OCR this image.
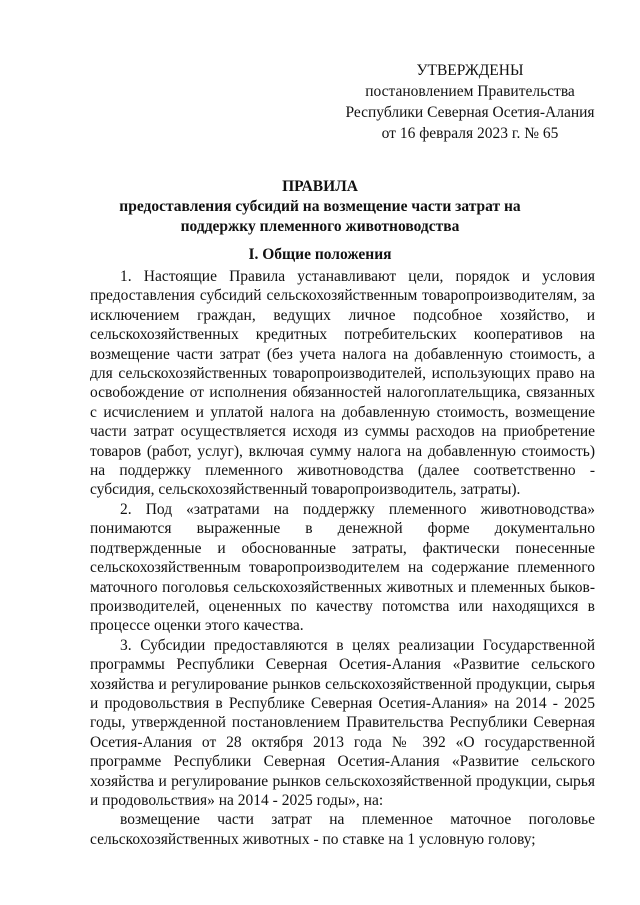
УТВЕРЖДЕНЫ
постановлением Правительства
Республики Северная Осетия-Алания
от 16 февраля 2023 г. № 65
ПРАВИЛА
предоставления субсидий на возмещение части затрат на поддержку племенного животноводства
I. Общие положения

1. Настоящие Правила устанавливают цели, порядок и условия предоставления субсидий сельскохозяйственным товаропроизводителям, за исключением граждан, ведущих личное подсобное хозяйство, и сельскохозяйственных кредитных потребительских кооперативов на возмещение части затрат (без учета налога на добавленную стоимость, а для сельскохозяйственных товаропроизводителей, использующих право на освобождение от исполнения обязанностей налогоплательщика, связанных с исчислением и уплатой налога на добавленную стоимость, возмещение части затрат осуществляется исходя из суммы расходов на приобретение товаров (работ, услуг), включая сумму налога на добавленную стоимость) на поддержку племенного животноводства (далее соответственно - субсидия, сельскохозяйственный товаропроизводитель, затраты).

2. Под «затратами на поддержку племенного животноводства» понимаются выраженные в денежной форме документально подтвержденные и обоснованные затраты, фактически понесенные сельскохозяйственным товаропроизводителем на содержание племенного маточного поголовья сельскохозяйственных животных и племенных быков-производителей, оцененных по качеству потомства или находящихся в процессе оценки этого качества.

3. Субсидии предоставляются в целях реализации Государственной программы Республики Северная Осетия-Алания «Развитие сельского хозяйства и регулирование рынков сельскохозяйственной продукции, сырья и продовольствия в Республике Северная Осетия-Алания» на 2014 - 2025 годы, утвержденной постановлением Правительства Республики Северная Осетия-Алания от 28 октября 2013 года № 392 «О государственной программе Республики Северная Осетия-Алания «Развитие сельского хозяйства и регулирование рынков сельскохозяйственной продукции, сырья и продовольствия» на 2014 - 2025 годы», на:

возмещение части затрат на племенное маточное поголовье сельскохозяйственных животных - по ставке на 1 условную голову;
